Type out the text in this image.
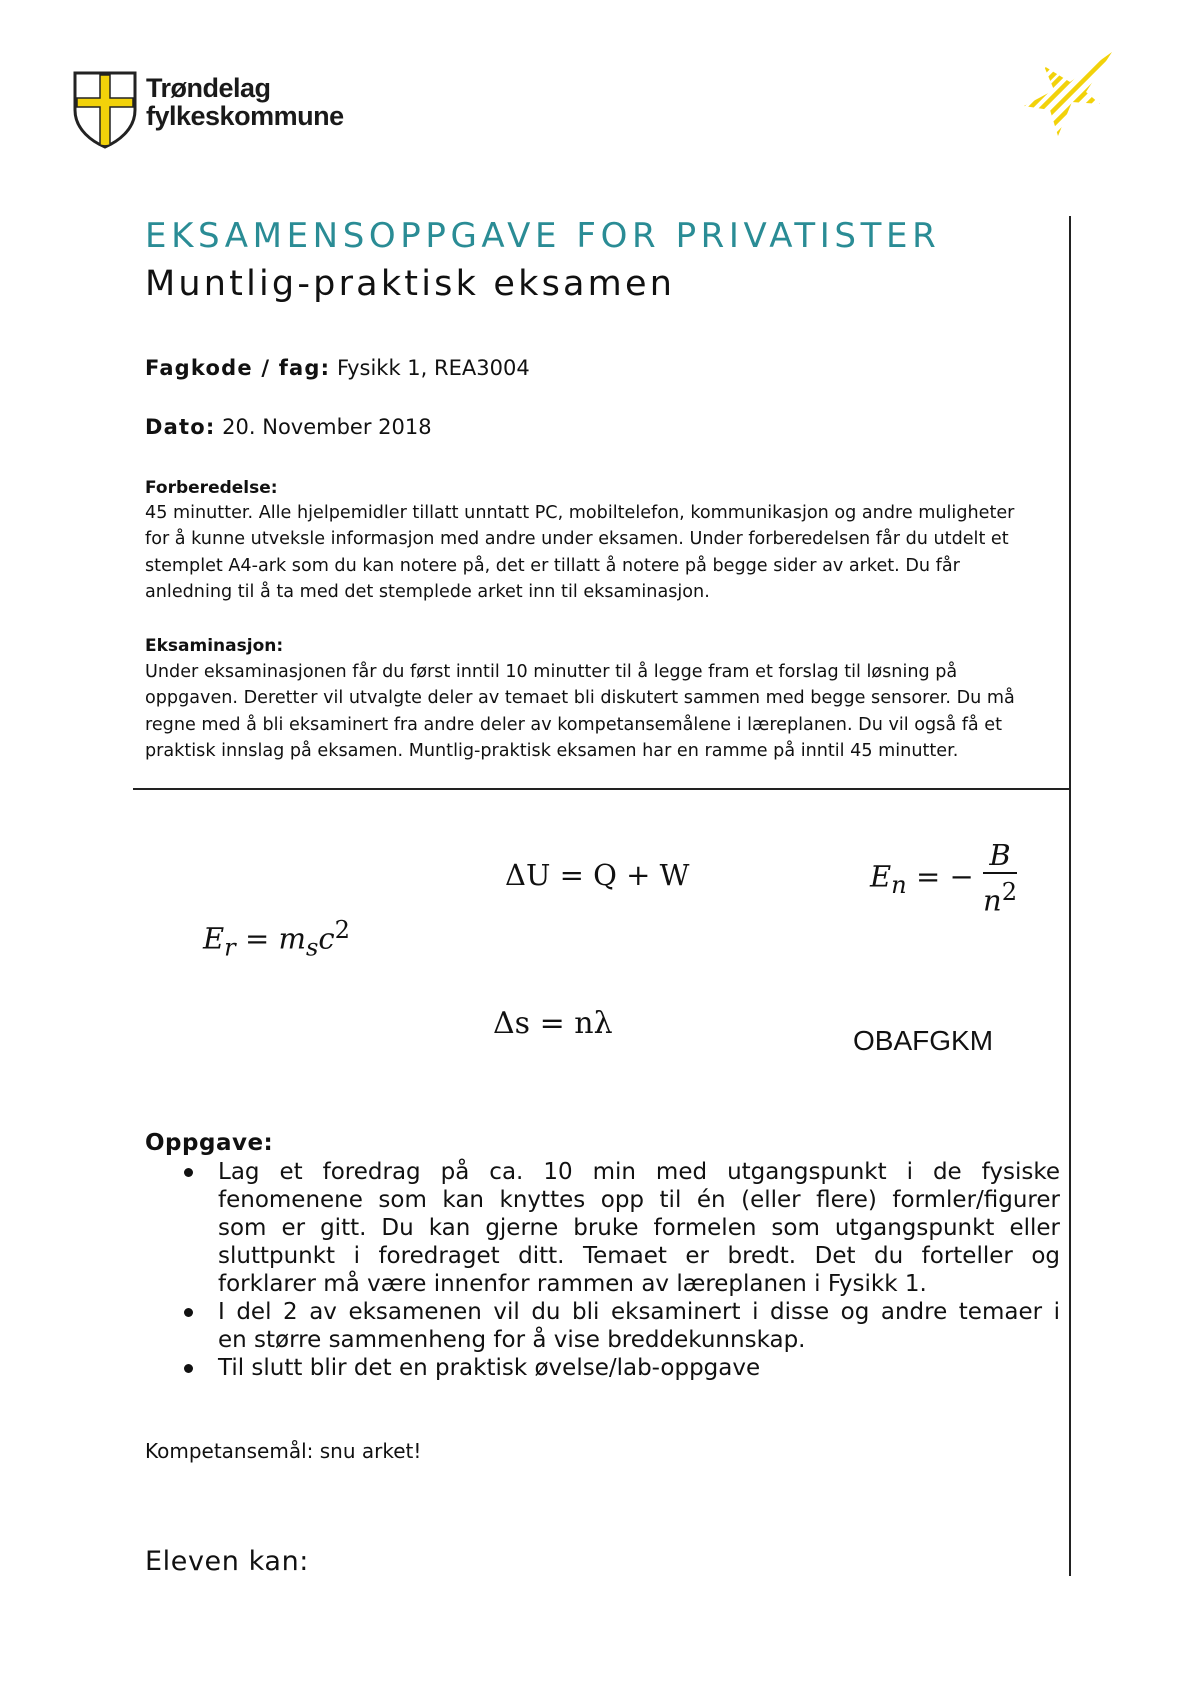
Trøndelag
fylkeskommune
EKSAMENSOPPGAVE FOR PRIVATISTER
Muntlig-praktisk eksamen
Fagkode / fag: Fysikk 1, REA3004
Dato: 20. November 2018
Forberedelse:
45 minutter. Alle hjelpemidler tillatt unntatt PC, mobiltelefon, kommunikasjon og andre muligheter
for å kunne utveksle informasjon med andre under eksamen. Under forberedelsen får du utdelt et
stemplet A4-ark som du kan notere på, det er tillatt å notere på begge sider av arket. Du får
anledning til å ta med det stemplede arket inn til eksaminasjon.
Eksaminasjon:
Under eksaminasjonen får du først inntil 10 minutter til å legge fram et forslag til løsning på
oppgaven. Deretter vil utvalgte deler av temaet bli diskutert sammen med begge sensorer. Du må
regne med å bli eksaminert fra andre deler av kompetansemålene i læreplanen. Du vil også få et
praktisk innslag på eksamen. Muntlig-praktisk eksamen har en ramme på inntil 45 minutter.
ΔU = Q + W	$E_n$ = − $\frac{B}{n^2}$
$E_r = m_sc^2$
Δs = nλ	OBAFGKM
Oppgave:
Lag et foredrag på ca. 10 min med utgangspunkt i de fysiske
fenomenene som kan knyttes opp til én (eller flere) formler/figurer
som er gitt. Du kan gjerne bruke formelen som utgangspunkt eller
sluttpunkt i foredraget ditt. Temaet er bredt. Det du forteller og
forklarer må være innenfor rammen av læreplanen i Fysikk 1.
I del 2 av eksamenen vil du bli eksaminert i disse og andre temaer i
en større sammenheng for å vise breddekunnskap.
Til slutt blir det en praktisk øvelse/lab-oppgave
Kompetansemål: snu arket!
Eleven kan:
